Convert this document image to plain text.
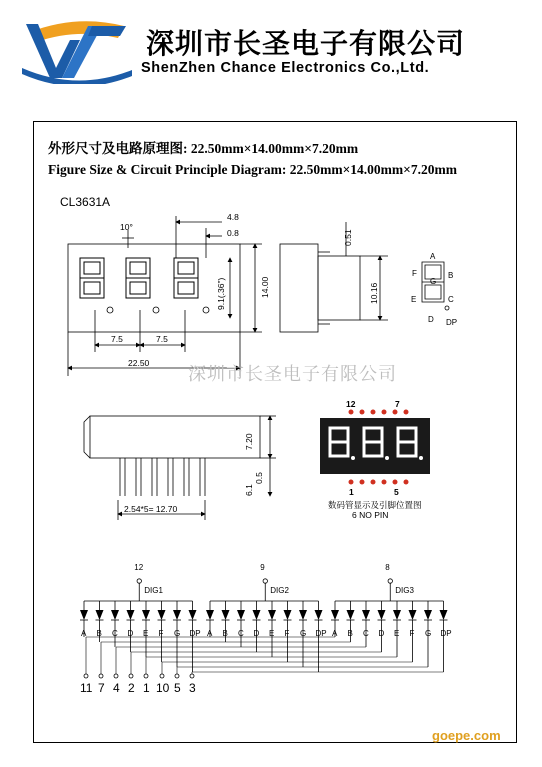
深圳市长圣电子有限公司
ShenZhen Chance Electronics Co.,Ltd.
外形尺寸及电路原理图: 22.50mm×14.00mm×7.20mm
Figure Size & Circuit Principle Diagram: 22.50mm×14.00mm×7.20mm
CL3631A
4.8
0.8
10°
9.1(.36")	14.00
7.5	7.5
22.50
0.51
10.16
A
B
C
D
E
F
G
DP
7.20
6.1
0.5
2.54*5= 12.70
12	7
1	5
数码管显示及引脚位置图
6 NO PIN
12
DIG1
A B C D E F G DP
9
DIG2
A B C D E F G DP
8
DIG3
A B C D E F G DP
11 7 4 2 1 10 5 3
深圳市长圣电子有限公司
goepe.com
